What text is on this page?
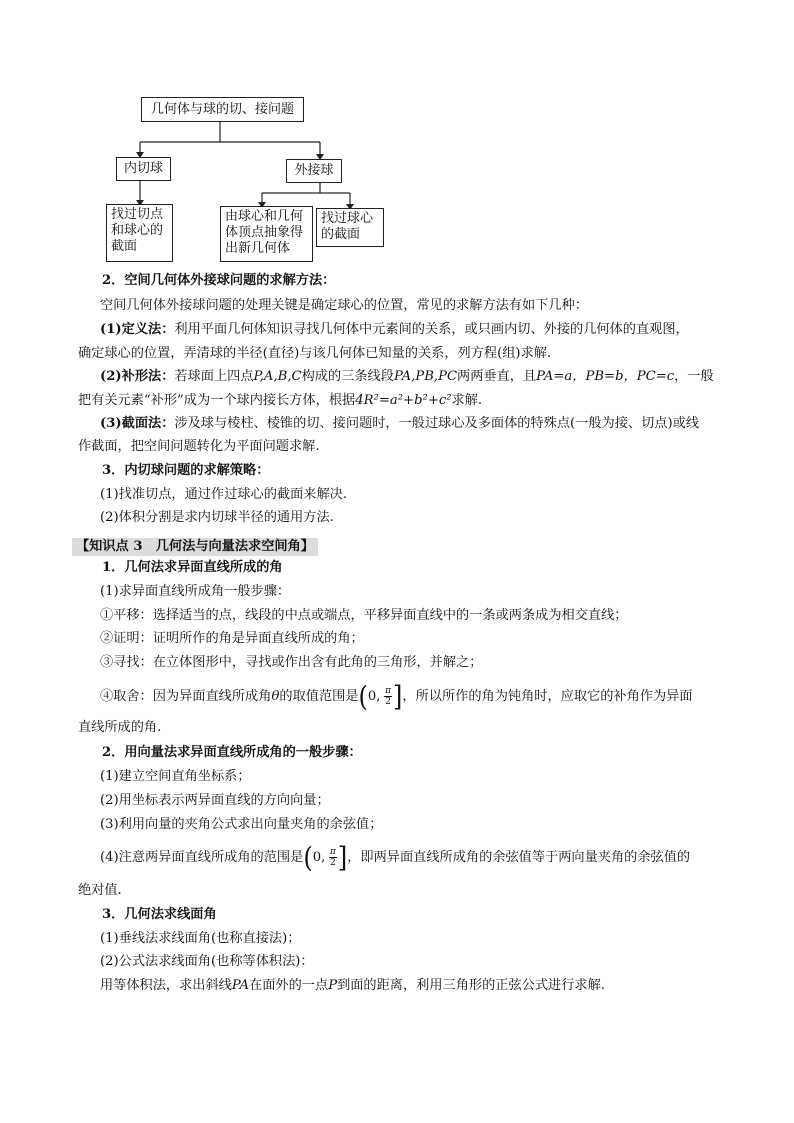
几何体与球的切、接问题
内切球	外接球
找过切点
和球心的
截面
由球心和几何
体顶点抽象得
出新几何体
找过球心
的截面
2．空间几何体外接球问题的求解方法：
空间几何体外接球问题的处理关键是确定球心的位置，常见的求解方法有如下几种：
(1)定义法：利用平面几何体知识寻找几何体中元素间的关系，或只画内切、外接的几何体的直观图，
确定球心的位置，弄清球的半径(直径)与该几何体已知量的关系，列方程(组)求解.
(2)补形法：若球面上四点P,A,B,C构成的三条线段PA,PB,PC两两垂直，且PA=a，PB=b，PC=c，一般
把有关元素“补形”成为一个球内接长方体，根据4R²=a²+b²+c²求解.
(3)截面法：涉及球与棱柱、棱锥的切、接问题时，一般过球心及多面体的特殊点(一般为接、切点)或线
作截面，把空间问题转化为平面问题求解.
3．内切球问题的求解策略：
(1)找准切点，通过作过球心的截面来解决.
(2)体积分割是求内切球半径的通用方法.
【知识点 3　几何法与向量法求空间角】
1．几何法求异面直线所成的角
(1)求异面直线所成角一般步骤：
①平移：选择适当的点，线段的中点或端点，平移异面直线中的一条或两条成为相交直线；
②证明：证明所作的角是异面直线所成的角；
③寻找：在立体图形中，寻找或作出含有此角的三角形，并解之；
④取舍：因为异面直线所成角θ的取值范围是(0,  $\frac{\pi}{2}$ ]，所以所作的角为钝角时，应取它的补角作为异面
直线所成的角.
2．用向量法求异面直线所成角的一般步骤：
(1)建立空间直角坐标系；
(2)用坐标表示两异面直线的方向向量；
(3)利用向量的夹角公式求出向量夹角的余弦值；
(4)注意两异面直线所成角的范围是(0,  $\frac{\pi}{2}$ ]，即两异面直线所成角的余弦值等于两向量夹角的余弦值的
绝对值.
3．几何法求线面角
(1)垂线法求线面角(也称直接法)；
(2)公式法求线面角(也称等体积法)：
用等体积法，求出斜线PA在面外的一点P到面的距离，利用三角形的正弦公式进行求解.
